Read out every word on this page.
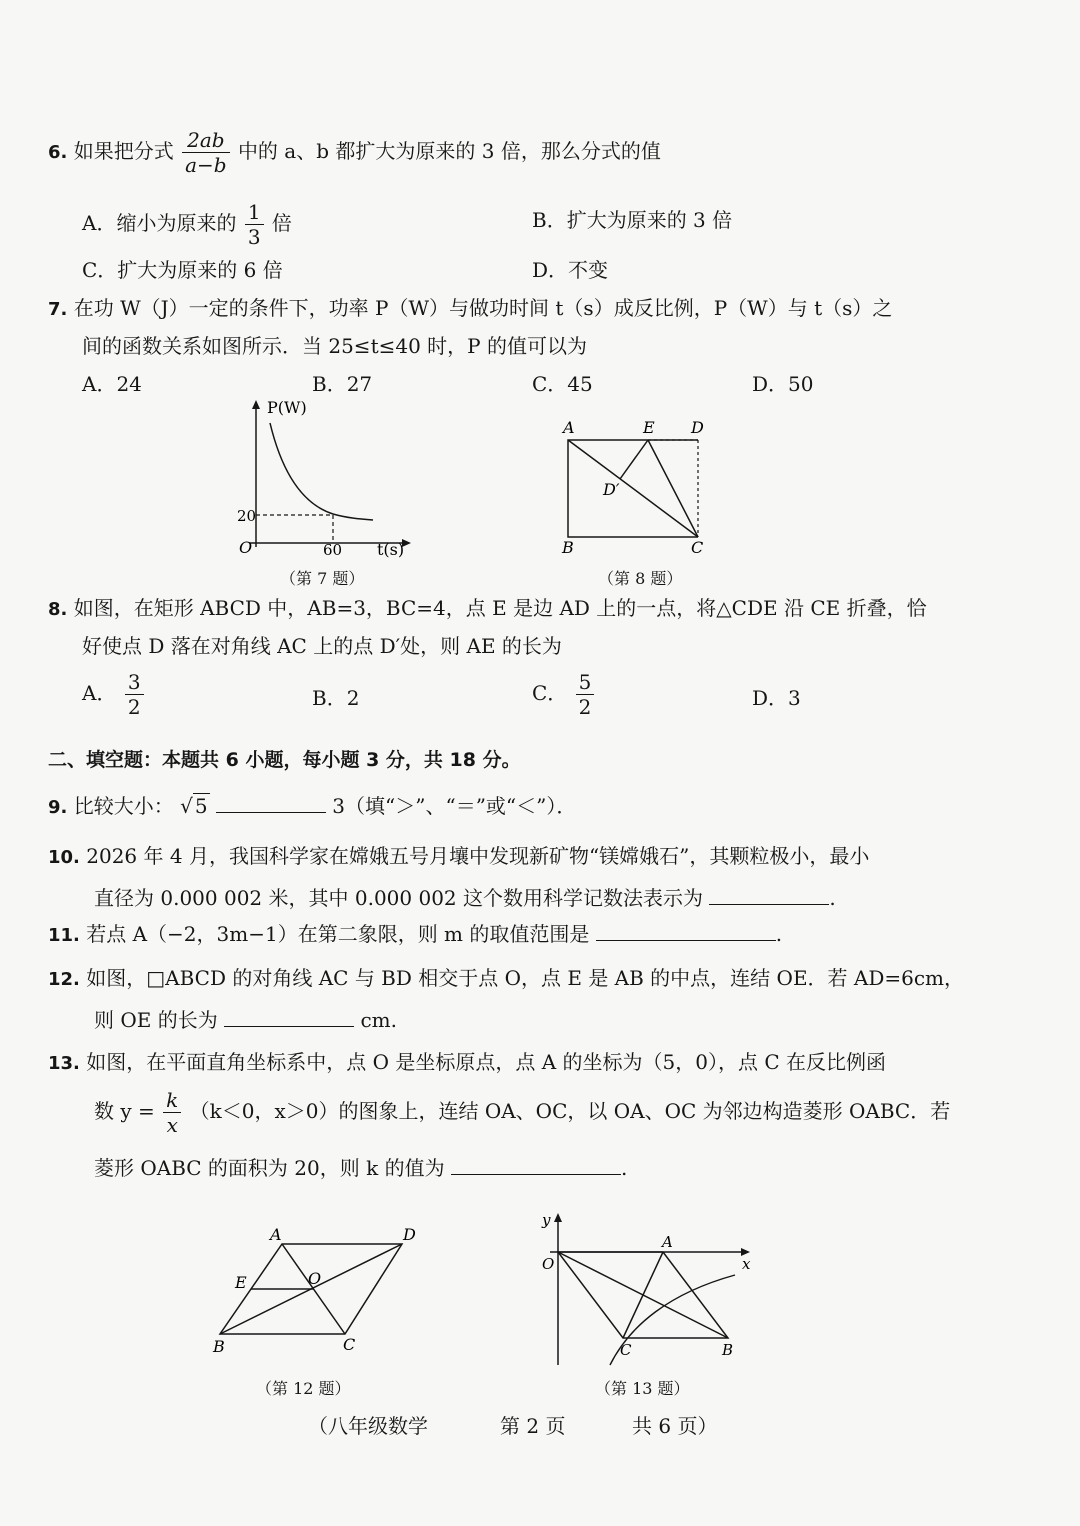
6. 如果把分式 $\frac{2ab}{a-b}$ 中的 a、b 都扩大为原来的 3 倍，那么分式的值
A．缩小为原来的 $\frac{1}{3}$ 倍	B．扩大为原来的 3 倍
C．扩大为原来的 6 倍	D．不变
7. 在功 W（J）一定的条件下，功率 P（W）与做功时间 t（s）成反比例，P（W）与 t（s）之
间的函数关系如图所示．当 25≤t≤40 时，P 的值可以为
A．24	B．27	C．45	D．50
P(W)
20
O	60 t(s)
（第 7 题）
A	E D
D′
B	C
（第 8 题）
8. 如图，在矩形 ABCD 中，AB=3，BC=4，点 E 是边 AD 上的一点，将△CDE 沿 CE 折叠，恰
好使点 D 落在对角线 AC 上的点 D′处，则 AE 的长为
A． $\frac{3}{2}$	B．2	C． $\frac{5}{2}$	D．3
二、填空题：本题共 6 小题，每小题 3 分，共 18 分。
9. 比较大小： √ 5	3（填“＞”、“＝”或“＜”）．
10. 2026 年 4 月，我国科学家在嫦娥五号月壤中发现新矿物“镁嫦娥石”，其颗粒极小，最小
直径为 0.000 002 米，其中 0.000 002 这个数用科学记数法表示为	.
11. 若点 A（−2，3m−1）在第二象限，则 m 的取值范围是	.
12. 如图，□ABCD 的对角线 AC 与 BD 相交于点 O，点 E 是 AB 的中点，连结 OE．若 AD=6cm，
则 OE 的长为	cm.
13. 如图，在平面直角坐标系中，点 O 是坐标原点，点 A 的坐标为（5，0），点 C 在反比例函
数 $y = \frac{k}{x} (k<0$，x＞0）的图象上，连结 OA、OC，以 OA、OC 为邻边构造菱形 OABC．若
菱形 OABC 的面积为 20，则 k 的值为	.
A	D
E	O
B	C
（第 12 题）
y
x
O
A
C	B
（第 13 题）
（八年级数学	第 2 页	共 6 页）
